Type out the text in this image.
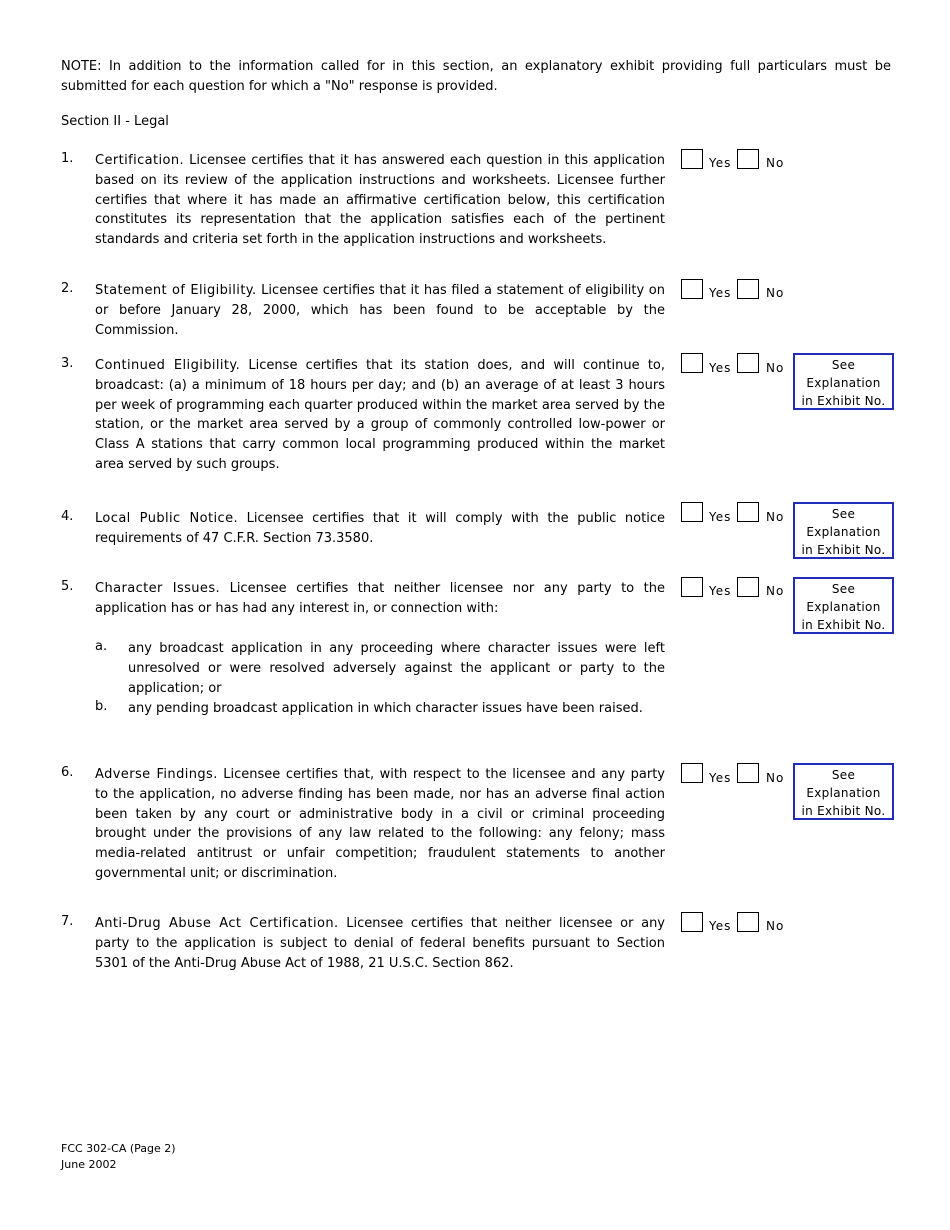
NOTE: In addition to the information called for in this section, an explanatory exhibit providing full particulars must be submitted for each question for which a "No" response is provided.
Section II - Legal
1. Certification. Licensee certifies that it has answered each question in this application based on its review of the application instructions and worksheets. Licensee further certifies that where it has made an affirmative certification below, this certification constitutes its representation that the application satisfies each of the pertinent standards and criteria set forth in the application instructions and worksheets.
Yes	No
2. Statement of Eligibility. Licensee certifies that it has filed a statement of eligibility on or before January 28, 2000, which has been found to be acceptable by the Commission.
Yes	No
3. Continued Eligibility. License certifies that its station does, and will continue to, broadcast: (a) a minimum of 18 hours per day; and (b) an average of at least 3 hours per week of programming each quarter produced within the market area served by the station, or the market area served by a group of commonly controlled low-power or Class A stations that carry common local programming produced within the market area served by such groups.
Yes	No	See Explanation
in Exhibit No.
4. Local Public Notice. Licensee certifies that it will comply with the public notice requirements of 47 C.F.R. Section 73.3580.
Yes	No	See Explanation
in Exhibit No.
5. Character Issues. Licensee certifies that neither licensee nor any party to the application has or has had any interest in, or connection with:
a. any broadcast application in any proceeding where character issues were left unresolved or were resolved adversely against the applicant or party to the application; or
b. any pending broadcast application in which character issues have been raised.
Yes	No	See Explanation
in Exhibit No.
6. Adverse Findings. Licensee certifies that, with respect to the licensee and any party to the application, no adverse finding has been made, nor has an adverse final action been taken by any court or administrative body in a civil or criminal proceeding brought under the provisions of any law related to the following: any felony; mass media-related antitrust or unfair competition; fraudulent statements to another governmental unit; or discrimination.
Yes	No	See Explanation
in Exhibit No.
7. Anti-Drug Abuse Act Certification. Licensee certifies that neither licensee or any party to the application is subject to denial of federal benefits pursuant to Section 5301 of the Anti-Drug Abuse Act of 1988, 21 U.S.C. Section 862.
Yes	No
FCC 302-CA (Page 2)
June 2002
